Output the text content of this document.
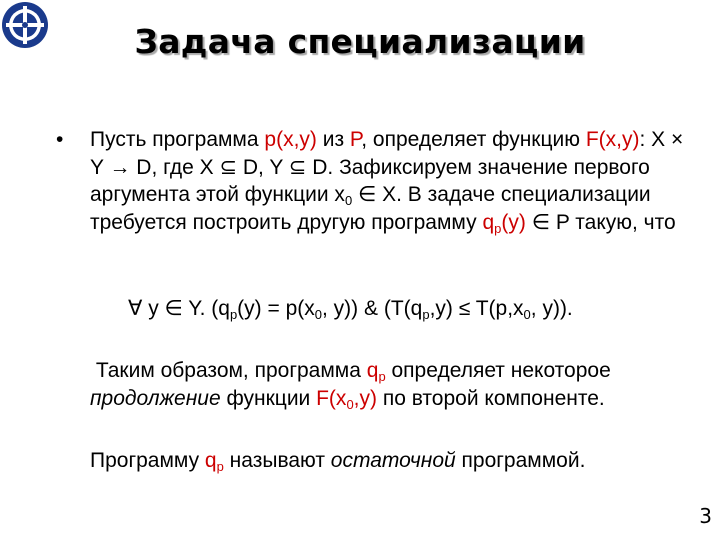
Задача специализации
•	Пусть программа p(x,y) из P, определяет функцию F(x,y): X × Y → D, где X ⊆ D, Y ⊆ D. Зафиксируем значение первого аргумента этой функции $x_0$ ∈ X. В задаче специализации требуется построить другую программу $q_p(y)$ ∈ P такую, что
∀ y ∈ Y. ($q_p(y) = p(x_0$, y)) & ($T(q_p,y) \le T(p,x_0$, y)).
Таким образом, программа $q_p$ определяет некоторое продолжение функции $F(x_0,y)$ по второй компоненте.
Программу $q_p$ называют остаточной программой.
3
